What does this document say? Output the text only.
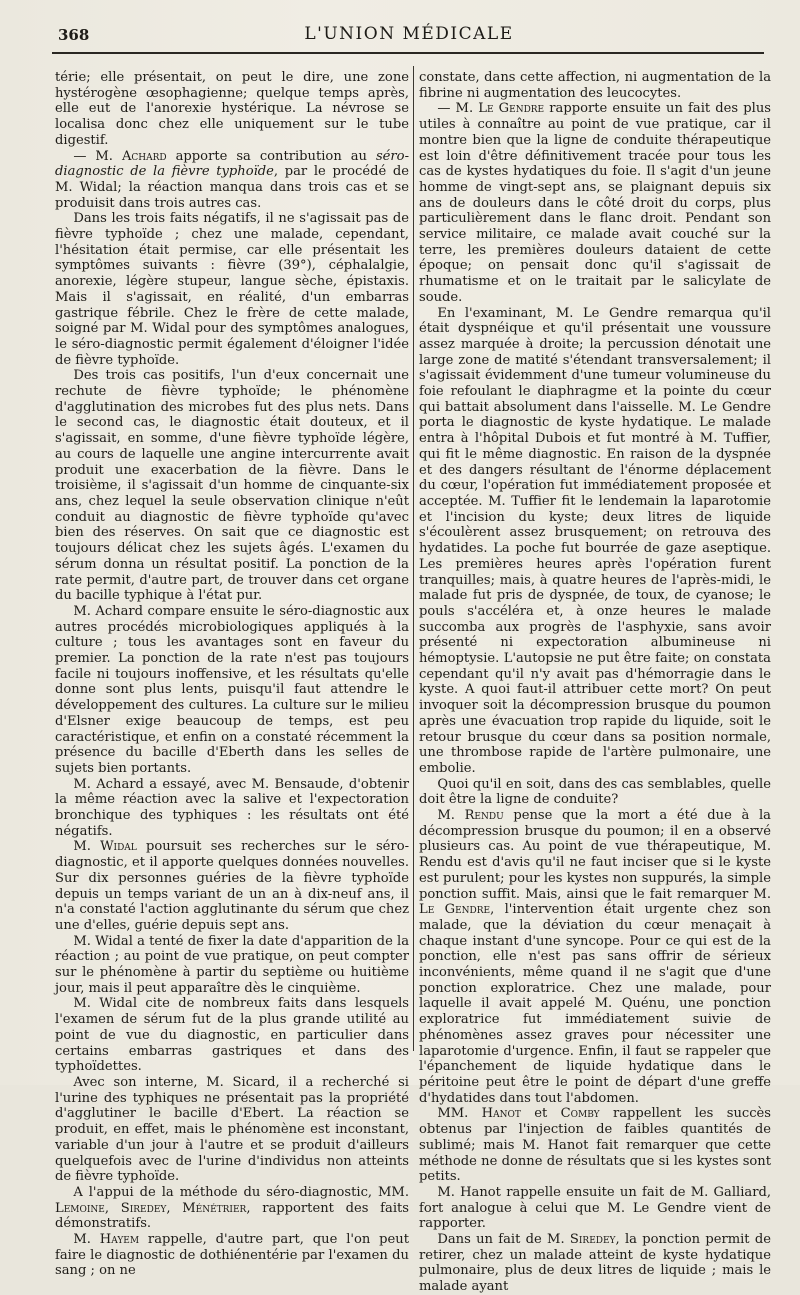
368	L'UNION MÉDICALE

térie; elle présentait, on peut le dire, une zone hystérogène œsophagienne; quelque temps après, elle eut de l'anorexie hystérique. La névrose se localisa donc chez elle uniquement sur le tube digestif.

— M. Achard apporte sa contribution au séro-diagnostic de la fièvre typhoïde, par le procédé de M. Widal; la réaction manqua dans trois cas et se produisit dans trois autres cas.

Dans les trois faits négatifs, il ne s'agissait pas de fièvre typhoïde ; chez une malade, cependant, l'hésitation était permise, car elle présentait les symptômes suivants : fièvre (39°), céphalalgie, anorexie, légère stupeur, langue sèche, épistaxis. Mais il s'agissait, en réalité, d'un embarras gastrique fébrile. Chez le frère de cette malade, soigné par M. Widal pour des symptômes analogues, le séro-diagnostic permit également d'éloigner l'idée de fièvre typhoïde.

Des trois cas positifs, l'un d'eux concernait une rechute de fièvre typhoïde; le phénomène d'agglutination des microbes fut des plus nets. Dans le second cas, le diagnostic était douteux, et il s'agissait, en somme, d'une fièvre typhoïde légère, au cours de laquelle une angine intercurrente avait produit une exacerbation de la fièvre. Dans le troisième, il s'agissait d'un homme de cinquante-six ans, chez lequel la seule observation clinique n'eût conduit au diagnostic de fièvre typhoïde qu'avec bien des réserves. On sait que ce diagnostic est toujours délicat chez les sujets âgés. L'examen du sérum donna un résultat positif. La ponction de la rate permit, d'autre part, de trouver dans cet organe du bacille typhique à l'état pur.

M. Achard compare ensuite le séro-diagnostic aux autres procédés microbiologiques appliqués à la culture ; tous les avantages sont en faveur du premier. La ponction de la rate n'est pas toujours facile ni toujours inoffensive, et les résultats qu'elle donne sont plus lents, puisqu'il faut attendre le développement des cultures. La culture sur le milieu d'Elsner exige beaucoup de temps, est peu caractéristique, et enfin on a constaté récemment la présence du bacille d'Eberth dans les selles de sujets bien portants.

M. Achard a essayé, avec M. Bensaude, d'obtenir la même réaction avec la salive et l'expectoration bronchique des typhiques : les résultats ont été négatifs.

M. Widal poursuit ses recherches sur le séro-diagnostic, et il apporte quelques données nouvelles. Sur dix personnes guéries de la fièvre typhoïde depuis un temps variant de un an à dix-neuf ans, il n'a constaté l'action agglutinante du sérum que chez une d'elles, guérie depuis sept ans.

M. Widal a tenté de fixer la date d'apparition de la réaction ; au point de vue pratique, on peut compter sur le phénomène à partir du septième ou huitième jour, mais il peut apparaître dès le cinquième.

M. Widal cite de nombreux faits dans lesquels l'examen de sérum fut de la plus grande utilité au point de vue du diagnostic, en particulier dans certains embarras gastriques et dans des typhoïdettes.

Avec son interne, M. Sicard, il a recherché si l'urine des typhiques ne présentait pas la propriété d'agglutiner le bacille d'Ebert. La réaction se produit, en effet, mais le phénomène est inconstant, variable d'un jour à l'autre et se produit d'ailleurs quelquefois avec de l'urine d'individus non atteints de fièvre typhoïde.

A l'appui de la méthode du séro-diagnostic, MM. Lemoine, Siredey, Ménétrier, rapportent des faits démonstratifs.

M. Hayem rappelle, d'autre part, que l'on peut faire le diagnostic de dothiénentérie par l'examen du sang ; on ne

constate, dans cette affection, ni augmentation de la fibrine ni augmentation des leucocytes.

— M. Le Gendre rapporte ensuite un fait des plus utiles à connaître au point de vue pratique, car il montre bien que la ligne de conduite thérapeutique est loin d'être définitivement tracée pour tous les cas de kystes hydatiques du foie. Il s'agit d'un jeune homme de vingt-sept ans, se plaignant depuis six ans de douleurs dans le côté droit du corps, plus particulièrement dans le flanc droit. Pendant son service militaire, ce malade avait couché sur la terre, les premières douleurs dataient de cette époque; on pensait donc qu'il s'agissait de rhumatisme et on le traitait par le salicylate de soude.

En l'examinant, M. Le Gendre remarqua qu'il était dyspnéique et qu'il présentait une voussure assez marquée à droite; la percussion dénotait une large zone de matité s'étendant transversalement; il s'agissait évidemment d'une tumeur volumineuse du foie refoulant le diaphragme et la pointe du cœur qui battait absolument dans l'aisselle. M. Le Gendre porta le diagnostic de kyste hydatique. Le malade entra à l'hôpital Dubois et fut montré à M. Tuffier, qui fit le même diagnostic. En raison de la dyspnée et des dangers résultant de l'énorme déplacement du cœur, l'opération fut immédiatement proposée et acceptée. M. Tuffier fit le lendemain la laparotomie et l'incision du kyste; deux litres de liquide s'écoulèrent assez brusquement; on retrouva des hydatides. La poche fut bourrée de gaze aseptique. Les premières heures après l'opération furent tranquilles; mais, à quatre heures de l'après-midi, le malade fut pris de dyspnée, de toux, de cyanose; le pouls s'accéléra et, à onze heures le malade succomba aux progrès de l'asphyxie, sans avoir présenté ni expectoration albumineuse ni hémoptysie. L'autopsie ne put être faite; on constata cependant qu'il n'y avait pas d'hémorragie dans le kyste. A quoi faut-il attribuer cette mort? On peut invoquer soit la décompression brusque du poumon après une évacuation trop rapide du liquide, soit le retour brusque du cœur dans sa position normale, une thrombose rapide de l'artère pulmonaire, une embolie.

Quoi qu'il en soit, dans des cas semblables, quelle doit être la ligne de conduite?

M. Rendu pense que la mort a été due à la décompression brusque du poumon; il en a observé plusieurs cas. Au point de vue thérapeutique, M. Rendu est d'avis qu'il ne faut inciser que si le kyste est purulent; pour les kystes non suppurés, la simple ponction suffit. Mais, ainsi que le fait remarquer M. Le Gendre, l'intervention était urgente chez son malade, que la déviation du cœur menaçait à chaque instant d'une syncope. Pour ce qui est de la ponction, elle n'est pas sans offrir de sérieux inconvénients, même quand il ne s'agit que d'une ponction exploratrice. Chez une malade, pour laquelle il avait appelé M. Quénu, une ponction exploratrice fut immédiatement suivie de phénomènes assez graves pour nécessiter une laparotomie d'urgence. Enfin, il faut se rappeler que l'épanchement de liquide hydatique dans le péritoine peut être le point de départ d'une greffe d'hydatides dans tout l'abdomen.

MM. Hanot et Comby rappellent les succès obtenus par l'injection de faibles quantités de sublimé; mais M. Hanot fait remarquer que cette méthode ne donne de résultats que si les kystes sont petits.

M. Hanot rappelle ensuite un fait de M. Galliard, fort analogue à celui que M. Le Gendre vient de rapporter.

Dans un fait de M. Siredey, la ponction permit de retirer, chez un malade atteint de kyste hydatique pulmonaire, plus de deux litres de liquide ; mais le malade ayant
